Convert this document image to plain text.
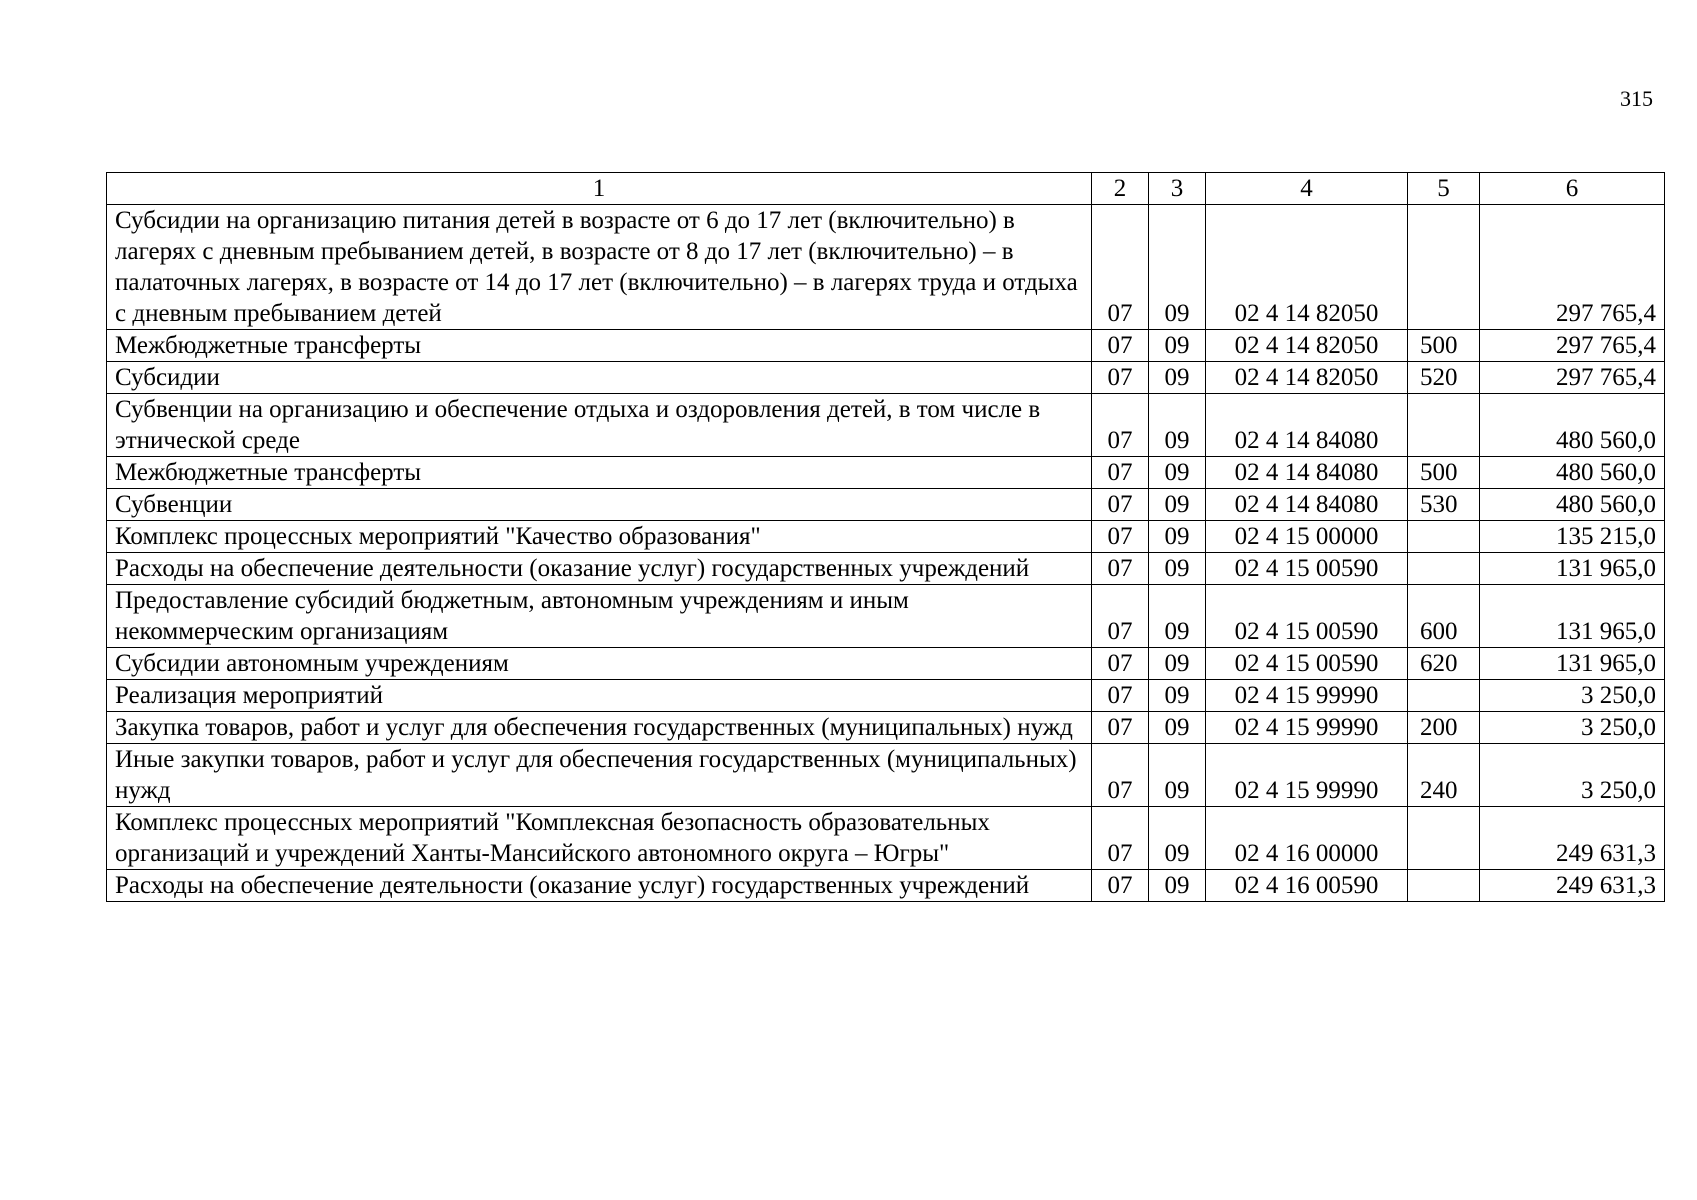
315
1	2	3	4	5	6
Субсидии на организацию питания детей в возрасте от 6 до 17 лет (включительно) в лагерях с дневным пребыванием детей, в возрасте от 8 до 17 лет (включительно) – в палаточных лагерях, в возрасте от 14 до 17 лет (включительно) – в лагерях труда и отдыха с дневным пребыванием детей	07	09	02 4 14 82050		297 765,4
Межбюджетные трансферты	07	09	02 4 14 82050	500	297 765,4
Субсидии	07	09	02 4 14 82050	520	297 765,4
Субвенции на организацию и обеспечение отдыха и оздоровления детей, в том числе в этнической среде	07	09	02 4 14 84080		480 560,0
Межбюджетные трансферты	07	09	02 4 14 84080	500	480 560,0
Субвенции	07	09	02 4 14 84080	530	480 560,0
Комплекс процессных мероприятий "Качество образования"	07	09	02 4 15 00000		135 215,0
Расходы на обеспечение деятельности (оказание услуг) государственных учреждений	07	09	02 4 15 00590		131 965,0
Предоставление субсидий бюджетным, автономным учреждениям и иным некоммерческим организациям	07	09	02 4 15 00590	600	131 965,0
Субсидии автономным учреждениям	07	09	02 4 15 00590	620	131 965,0
Реализация мероприятий	07	09	02 4 15 99990		3 250,0
Закупка товаров, работ и услуг для обеспечения государственных (муниципальных) нужд	07	09	02 4 15 99990	200	3 250,0
Иные закупки товаров, работ и услуг для обеспечения государственных (муниципальных) нужд	07	09	02 4 15 99990	240	3 250,0
Комплекс процессных мероприятий "Комплексная безопасность образовательных организаций и учреждений Ханты-Мансийского автономного округа – Югры"	07	09	02 4 16 00000		249 631,3
Расходы на обеспечение деятельности (оказание услуг) государственных учреждений	07	09	02 4 16 00590		249 631,3
